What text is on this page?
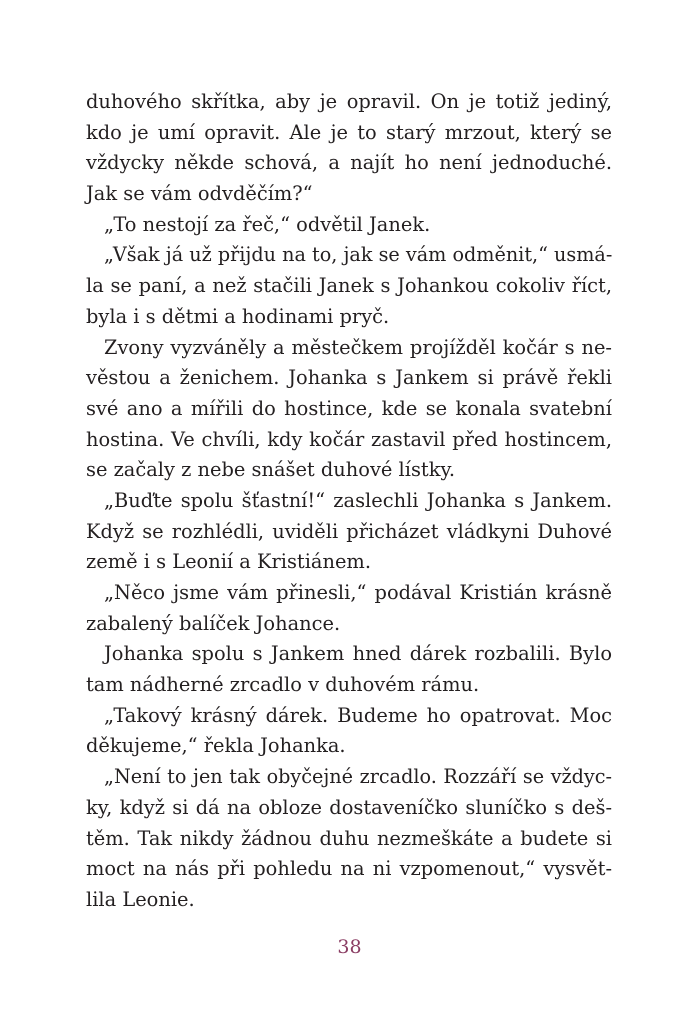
duhového skřítka, aby je opravil. On je totiž jediný,
kdo je umí opravit. Ale je to starý mrzout, který se
vždycky někde schová, a najít ho není jednoduché.
Jak se vám odvděčím?“
„To nestojí za řeč,“ odvětil Janek.
„Však já už přijdu na to, jak se vám odměnit,“ usmá-
la se paní, a než stačili Janek s Johankou cokoliv říct,
byla i s dětmi a hodinami pryč.
Zvony vyzváněly a městečkem projížděl kočár s ne-
věstou a ženichem. Johanka s Jankem si právě řekli
své ano a mířili do hostince, kde se konala svatební
hostina. Ve chvíli, kdy kočár zastavil před hostincem,
se začaly z nebe snášet duhové lístky.
„Buďte spolu šťastní!“ zaslechli Johanka s Jankem.
Když se rozhlédli, uviděli přicházet vládkyni Duhové
země i s Leonií a Kristiánem.
„Něco jsme vám přinesli,“ podával Kristián krásně
zabalený balíček Johance.
Johanka spolu s Jankem hned dárek rozbalili. Bylo
tam nádherné zrcadlo v duhovém rámu.
„Takový krásný dárek. Budeme ho opatrovat. Moc
děkujeme,“ řekla Johanka.
„Není to jen tak obyčejné zrcadlo. Rozzáří se vždyc-
ky, když si dá na obloze dostaveníčko sluníčko s deš-
těm. Tak nikdy žádnou duhu nezmeškáte a budete si
moct na nás při pohledu na ni vzpomenout,“ vysvět-
lila Leonie.
38
